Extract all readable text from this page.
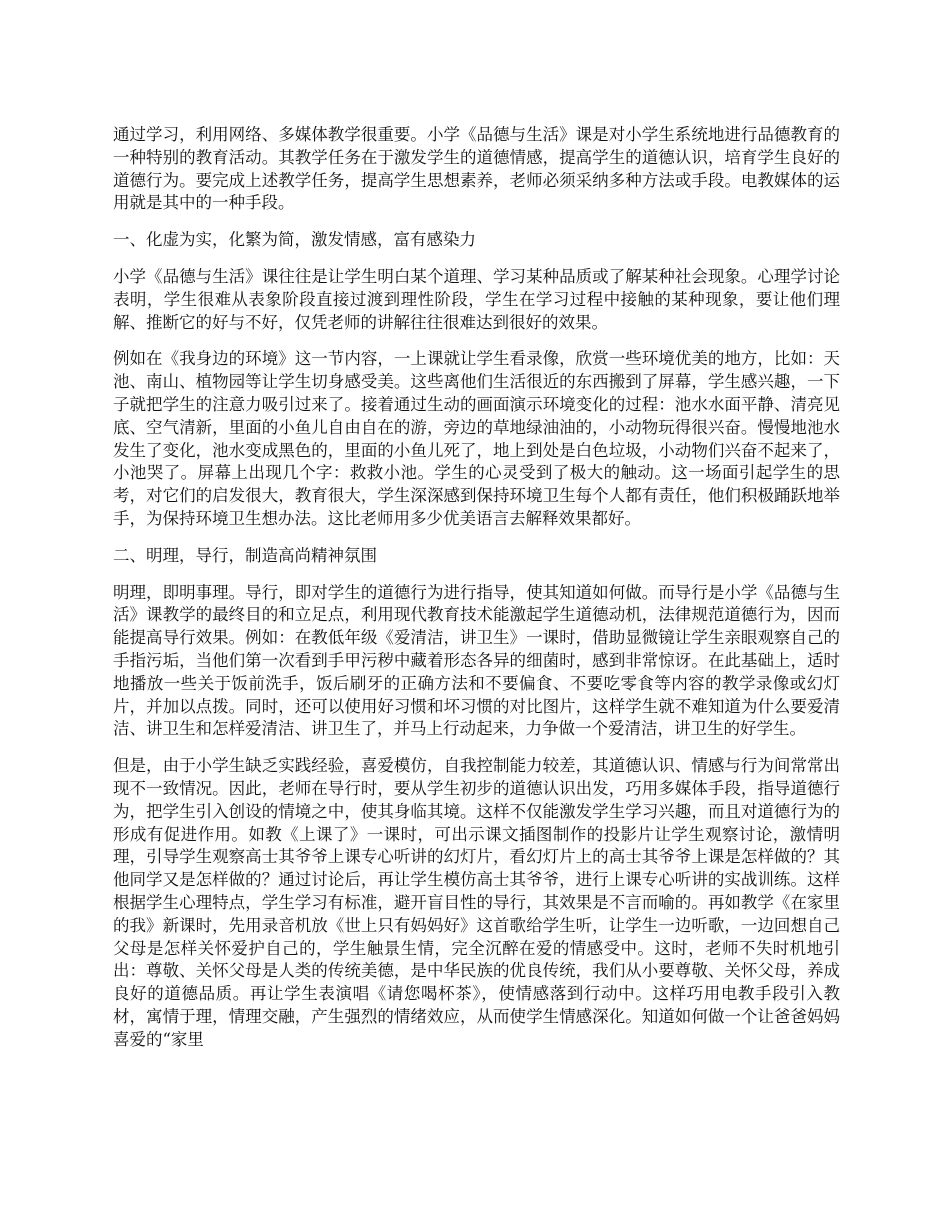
通过学习，利用网络、多媒体教学很重要。小学《品德与生活》课是对小学生系统地进行品德教育的一种特别的教育活动。其教学任务在于激发学生的道德情感，提高学生的道德认识，培育学生良好的道德行为。要完成上述教学任务，提高学生思想素养，老师必须采纳多种方法或手段。电教媒体的运用就是其中的一种手段。

一、化虚为实，化繁为简，激发情感，富有感染力

小学《品德与生活》课往往是让学生明白某个道理、学习某种品质或了解某种社会现象。心理学讨论表明，学生很难从表象阶段直接过渡到理性阶段，学生在学习过程中接触的某种现象，要让他们理解、推断它的好与不好，仅凭老师的讲解往往很难达到很好的效果。

例如在《我身边的环境》这一节内容，一上课就让学生看录像，欣赏一些环境优美的地方，比如：天池、南山、植物园等让学生切身感受美。这些离他们生活很近的东西搬到了屏幕，学生感兴趣，一下子就把学生的注意力吸引过来了。接着通过生动的画面演示环境变化的过程：池水水面平静、清亮见底、空气清新，里面的小鱼儿自由自在的游，旁边的草地绿油油的，小动物玩得很兴奋。慢慢地池水发生了变化，池水变成黑色的，里面的小鱼儿死了，地上到处是白色垃圾，小动物们兴奋不起来了，小池哭了。屏幕上出现几个字：救救小池。学生的心灵受到了极大的触动。这一场面引起学生的思考，对它们的启发很大，教育很大，学生深深感到保持环境卫生每个人都有责任，他们积极踊跃地举手，为保持环境卫生想办法。这比老师用多少优美语言去解释效果都好。

二、明理，导行，制造高尚精神氛围

明理，即明事理。导行，即对学生的道德行为进行指导，使其知道如何做。而导行是小学《品德与生活》课教学的最终目的和立足点，利用现代教育技术能激起学生道德动机，法律规范道德行为，因而能提高导行效果。例如：在教低年级《爱清洁，讲卫生》一课时，借助显微镜让学生亲眼观察自己的手指污垢，当他们第一次看到手甲污秽中藏着形态各异的细菌时，感到非常惊讶。在此基础上，适时地播放一些关于饭前洗手，饭后刷牙的正确方法和不要偏食、不要吃零食等内容的教学录像或幻灯片，并加以点拨。同时，还可以使用好习惯和坏习惯的对比图片，这样学生就不难知道为什么要爱清洁、讲卫生和怎样爱清洁、讲卫生了，并马上行动起来，力争做一个爱清洁，讲卫生的好学生。

但是，由于小学生缺乏实践经验，喜爱模仿，自我控制能力较差，其道德认识、情感与行为间常常出现不一致情况。因此，老师在导行时，要从学生初步的道德认识出发，巧用多媒体手段，指导道德行为，把学生引入创设的情境之中，使其身临其境。这样不仅能激发学生学习兴趣，而且对道德行为的形成有促进作用。如教《上课了》一课时，可出示课文插图制作的投影片让学生观察讨论，激情明理，引导学生观察高士其爷爷上课专心听讲的幻灯片，看幻灯片上的高士其爷爷上课是怎样做的？其他同学又是怎样做的？通过讨论后，再让学生模仿高士其爷爷，进行上课专心听讲的实战训练。这样根据学生心理特点，学生学习有标准，避开盲目性的导行，其效果是不言而喻的。再如教学《在家里的我》新课时，先用录音机放《世上只有妈妈好》这首歌给学生听，让学生一边听歌，一边回想自己父母是怎样关怀爱护自己的，学生触景生情，完全沉醉在爱的情感受中。这时，老师不失时机地引出：尊敬、关怀父母是人类的传统美德，是中华民族的优良传统，我们从小要尊敬、关怀父母，养成良好的道德品质。再让学生表演唱《请您喝杯茶》，使情感落到行动中。这样巧用电教手段引入教材，寓情于理，情理交融，产生强烈的情绪效应，从而使学生情感深化。知道如何做一个让爸爸妈妈喜爱的“家里
